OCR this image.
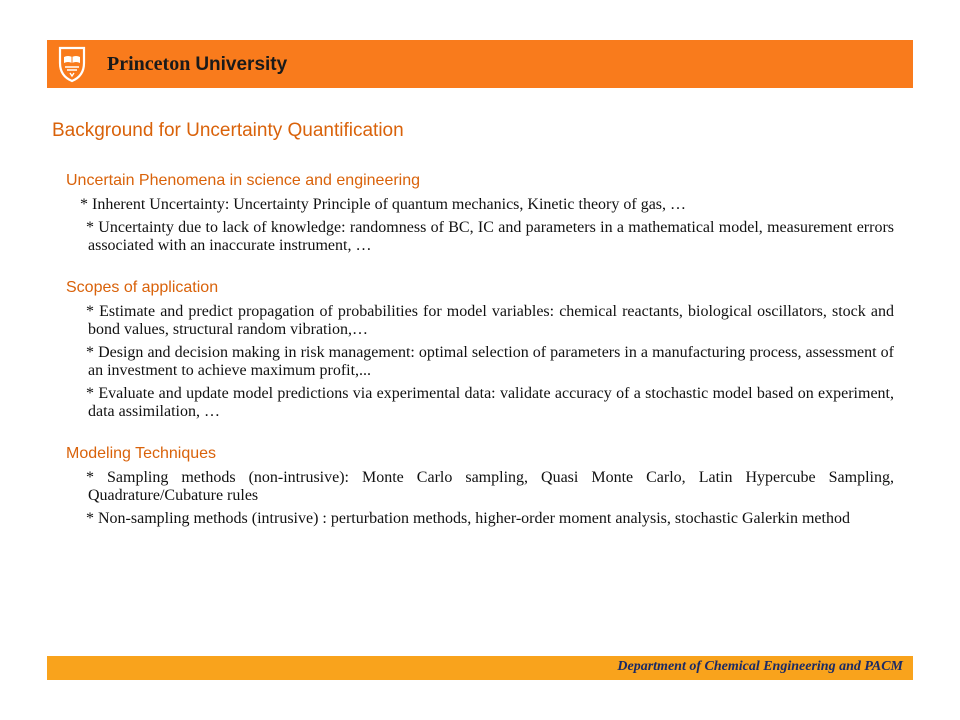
Princeton University
Background for Uncertainty Quantification
Uncertain Phenomena in science and engineering
* Inherent Uncertainty: Uncertainty Principle of quantum mechanics, Kinetic theory of gas, …
* Uncertainty due to lack of knowledge: randomness of BC, IC and parameters in a mathematical model, measurement errors associated with an inaccurate instrument, …
Scopes of application
* Estimate and predict propagation of probabilities for model variables: chemical reactants, biological oscillators, stock and bond values, structural random vibration,…
* Design and decision making in risk management: optimal selection of parameters in a manufacturing process, assessment of an investment to achieve maximum profit,...
* Evaluate and update model predictions via experimental data: validate accuracy of a stochastic model based on experiment, data assimilation, …
Modeling Techniques
* Sampling methods (non-intrusive): Monte Carlo sampling, Quasi Monte Carlo, Latin Hypercube Sampling, Quadrature/Cubature rules
* Non-sampling methods (intrusive) : perturbation methods, higher-order moment analysis, stochastic Galerkin method
Department of Chemical Engineering and PACM
